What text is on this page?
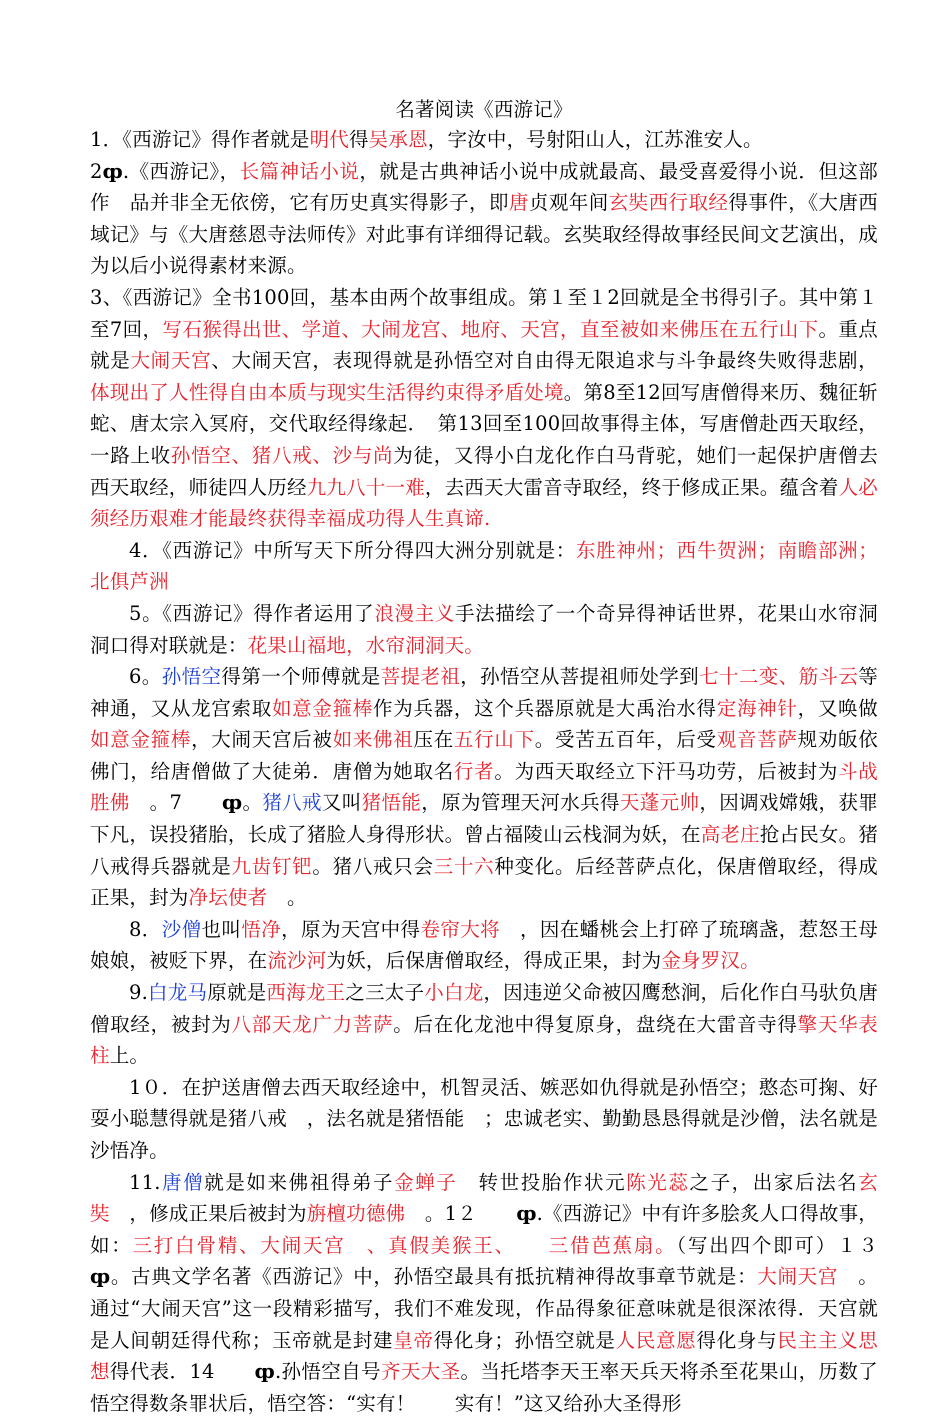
名著阅读《西游记》

1．《西游记》得作者就是明代得吴承恩，字汝中，号射阳山人，江苏淮安人。

2ȹ.《西游记》，长篇神话小说，就是古典神话小说中成就最高、最受喜爱得小说．但这部作　品并非全无依傍，它有历史真实得影子，即唐贞观年间玄奘西行取经得事件，《大唐西域记》与《大唐慈恩寺法师传》对此事有详细得记载。玄奘取经得故事经民间文艺演出，成为以后小说得素材来源。

3、《西游记》全书100回，基本由两个故事组成。第１至１2回就是全书得引子。其中第１至7回，写石猴得出世、学道、大闹龙宫、地府、天宫，直至被如来佛压在五行山下。重点就是大闹天宫、大闹天宫，表现得就是孙悟空对自由得无限追求与斗争最终失败得悲剧，体现出了人性得自由本质与现实生活得约束得矛盾处境。第8至12回写唐僧得来历、魏征斩蛇、唐太宗入冥府，交代取经得缘起．　第13回至100回故事得主体，写唐僧赴西天取经，一路上收孙悟空、猪八戒、沙与尚为徒，又得小白龙化作白马背驼，她们一起保护唐僧去西天取经，师徒四人历经九九八十一难，去西天大雷音寺取经，终于修成正果。蕴含着人必须经历艰难才能最终获得幸福成功得人生真谛.

4．《西游记》中所写天下所分得四大洲分别就是：东胜神州；西牛贺洲；南瞻部洲；北俱芦洲

5。《西游记》得作者运用了浪漫主义手法描绘了一个奇异得神话世界，花果山水帘洞洞口得对联就是：花果山福地，水帘洞洞天。

6。孙悟空得第一个师傅就是菩提老祖，孙悟空从菩提祖师处学到七十二变、筋斗云等神通，又从龙宫索取如意金箍棒作为兵器，这个兵器原就是大禹治水得定海神针，又唤做如意金箍棒，大闹天宫后被如来佛祖压在五行山下。受苦五百年，后受观音菩萨规劝皈依佛门，给唐僧做了大徒弟．唐僧为她取名行者。为西天取经立下汗马功劳，后被封为斗战胜佛　。7　　ȹ。猪八戒又叫猪悟能，原为管理天河水兵得天蓬元帅，因调戏嫦娥，获罪下凡，误投猪胎，长成了猪脸人身得形状。曾占福陵山云栈洞为妖，在高老庄抢占民女。猪八戒得兵器就是九齿钉钯。猪八戒只会三十六种变化。后经菩萨点化，保唐僧取经，得成正果，封为净坛使者　。

8．沙僧也叫悟净，原为天宫中得卷帘大将　，因在蟠桃会上打碎了琉璃盏，惹怒王母娘娘，被贬下界，在流沙河为妖，后保唐僧取经，得成正果，封为金身罗汉。

9.白龙马原就是西海龙王之三太子小白龙，因违逆父命被囚鹰愁涧，后化作白马驮负唐僧取经，被封为八部天龙广力菩萨。后在化龙池中得复原身，盘绕在大雷音寺得擎天华表柱上。

1０．在护送唐僧去西天取经途中，机智灵活、嫉恶如仇得就是孙悟空；憨态可掬、好耍小聪慧得就是猪八戒　，法名就是猪悟能　；忠诚老实、勤勤恳恳得就是沙僧，法名就是沙悟净。

11.唐僧就是如来佛祖得弟子金蝉子　转世投胎作状元陈光蕊之子，出家后法名玄奘　，修成正果后被封为旃檀功德佛　。1２　　ȹ.《西游记》中有许多脍炙人口得故事，如：三打白骨精、大闹天宫　、真假美猴王、　　三借芭蕉扇。（写出四个即可）１３　　ȹ。古典文学名著《西游记》中，孙悟空最具有抵抗精神得故事章节就是：大闹天宫　。通过“大闹天宫”这一段精彩描写，我们不难发现，作品得象征意味就是很深浓得．天宫就是人间朝廷得代称；玉帝就是封建皇帝得化身；孙悟空就是人民意愿得化身与民主主义思想得代表．14　　ȹ.孙悟空自号齐天大圣。当托塔李天王率天兵天将杀至花果山，历数了悟空得数条罪状后，悟空答：“实有！　　实有！”这又给孙大圣得形
